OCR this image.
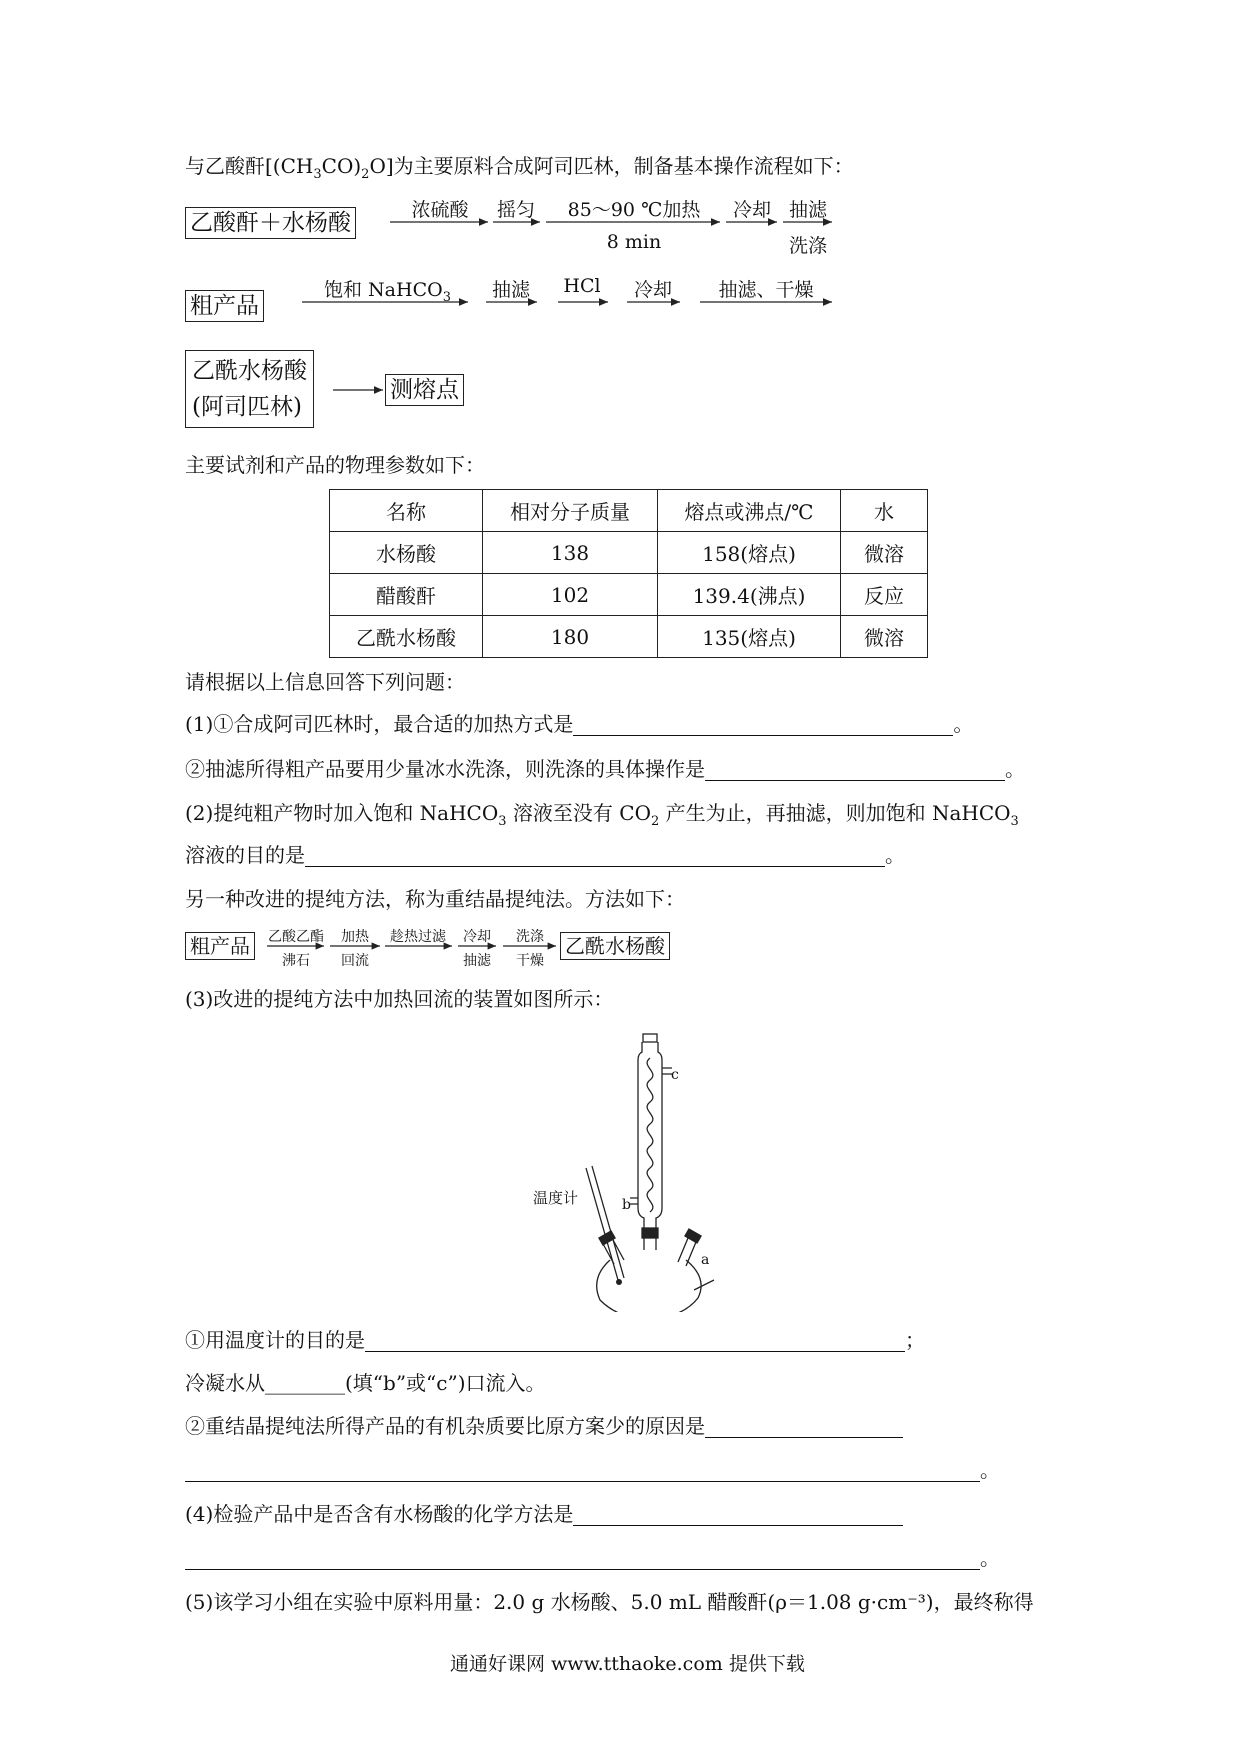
与乙酸酐$[(CH_3CO)_2O]$为主要原料合成阿司匹林，制备基本操作流程如下：
乙酸酐＋水杨酸	浓硫酸	摇匀	85～90 ℃加热
8 min
冷却 抽滤
洗涤
粗产品
饱和 NaHCO$_3$	抽滤	HCl	冷却	抽滤、干燥
乙酰水杨酸
(阿司匹林)
测熔点
主要试剂和产品的物理参数如下：
名称	相对分子质量	熔点或沸点/℃	水
水杨酸	138	158(熔点)	微溶
醋酸酐	102	139.4(沸点)	反应
乙酰水杨酸	180	135(熔点)	微溶
请根据以上信息回答下列问题：
(1)①合成阿司匹林时，最合适的加热方式是	。
②抽滤所得粗产品要用少量冰水洗涤，则洗涤的具体操作是	。
(2)提纯粗产物时加入饱和 NaHCO$_3$ 溶液至没有 $CO_2$ 产生为止，再抽滤，则加饱和 NaHCO$_3$
溶液的目的是	。
另一种改进的提纯方法，称为重结晶提纯法。方法如下：
粗产品	乙酸乙酯
沸石
加热
回流
趁热过滤	冷却
抽滤
洗涤
干燥
乙酰水杨酸
(3)改进的提纯方法中加热回流的装置如图所示：
温度计
c
b
a
①用温度计的目的是	；
冷凝水从________(填“b”或“c”)口流入。
②重结晶提纯法所得产品的有机杂质要比原方案少的原因是
。
(4)检验产品中是否含有水杨酸的化学方法是
。
(5)该学习小组在实验中原料用量：2.0 g 水杨酸、5.0 mL 醋酸酐(ρ＝1.08 g·cm⁻³)，最终称得
通通好课网 www.tthaoke.com 提供下载
